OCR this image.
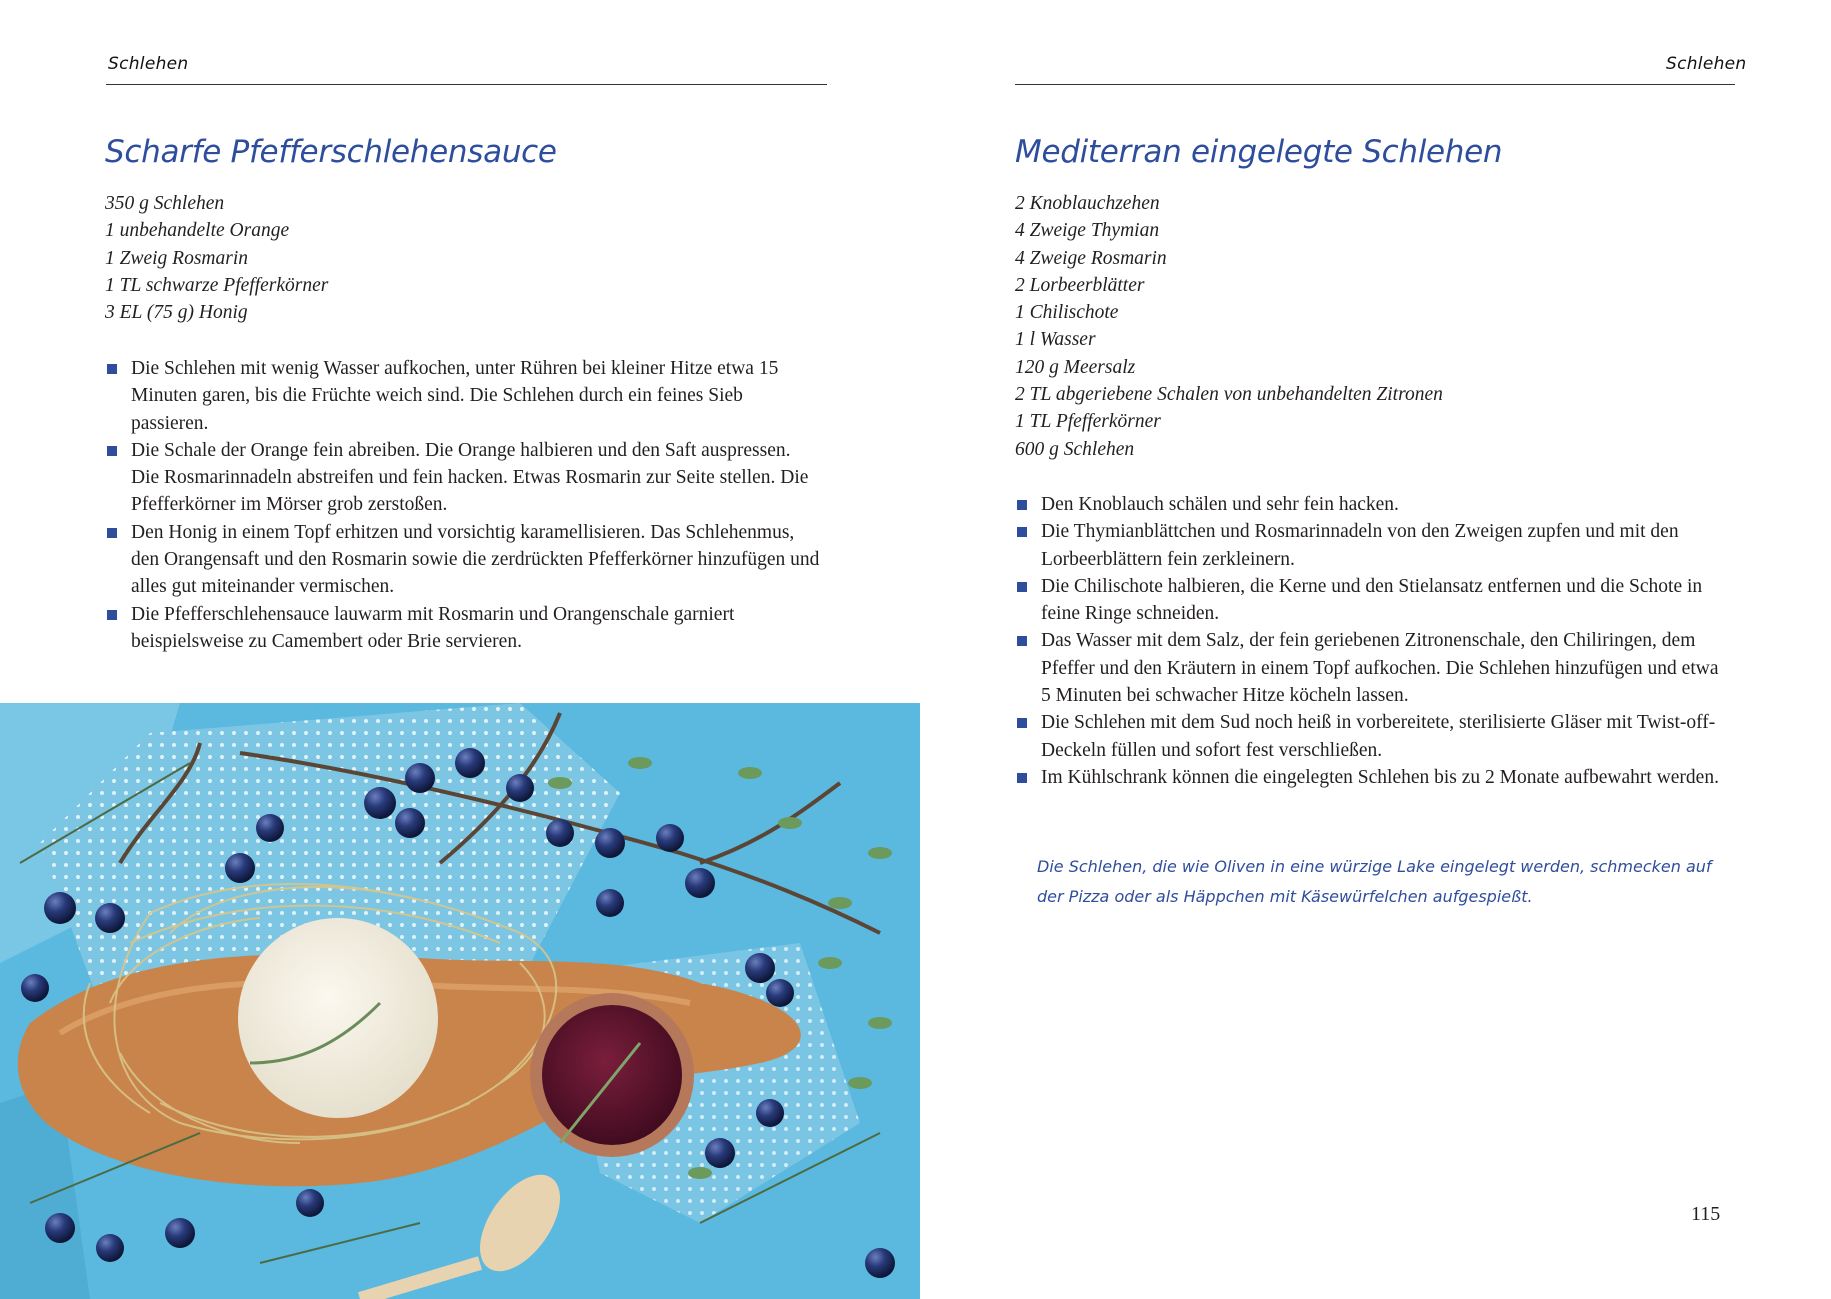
Schlehen
Scharfe Pfefferschlehensauce
350 g Schlehen
1 unbehandelte Orange
1 Zweig Rosmarin
1 TL schwarze Pfefferkörner
3 EL (75 g) Honig
Die Schlehen mit wenig Wasser aufkochen, unter Rühren bei kleiner Hitze etwa 15 Minuten garen, bis die Früchte weich sind. Die Schlehen durch ein feines Sieb passieren.
Die Schale der Orange fein abreiben. Die Orange halbieren und den Saft auspressen. Die Rosmarinnadeln abstreifen und fein hacken. Etwas Rosmarin zur Seite stellen. Die Pfefferkörner im Mörser grob zerstoßen.
Den Honig in einem Topf erhitzen und vorsichtig karamellisieren. Das Schlehenmus, den Orangensaft und den Rosmarin sowie die zerdrückten Pfefferkörner hinzufügen und alles gut miteinander vermischen.
Die Pfefferschlehensauce lauwarm mit Rosmarin und Orangenschale garniert beispielsweise zu Camembert oder Brie servieren.
Schlehen
Mediterran eingelegte Schlehen
2 Knoblauchzehen
4 Zweige Thymian
4 Zweige Rosmarin
2 Lorbeerblätter
1 Chilischote
1 l Wasser
120 g Meersalz
2 TL abgeriebene Schalen von unbehandelten Zitronen
1 TL Pfefferkörner
600 g Schlehen
Den Knoblauch schälen und sehr fein hacken.
Die Thymianblättchen und Rosmarinnadeln von den Zweigen zupfen und mit den Lorbeerblättern fein zerkleinern.
Die Chilischote halbieren, die Kerne und den Stielansatz entfernen und die Schote in feine Ringe schneiden.
Das Wasser mit dem Salz, der fein geriebenen Zitronenschale, den Chiliringen, dem Pfeffer und den Kräutern in einem Topf aufkochen. Die Schlehen hinzufügen und etwa 5 Minuten bei schwacher Hitze köcheln lassen.
Die Schlehen mit dem Sud noch heiß in vorbereitete, sterilisierte Gläser mit Twist-off-Deckeln füllen und sofort fest verschließen.
Im Kühlschrank können die eingelegten Schlehen bis zu 2 Monate aufbewahrt werden.
Die Schlehen, die wie Oliven in eine würzige Lake eingelegt werden, schmecken auf der Pizza oder als Häppchen mit Käsewürfelchen aufgespießt.
115
